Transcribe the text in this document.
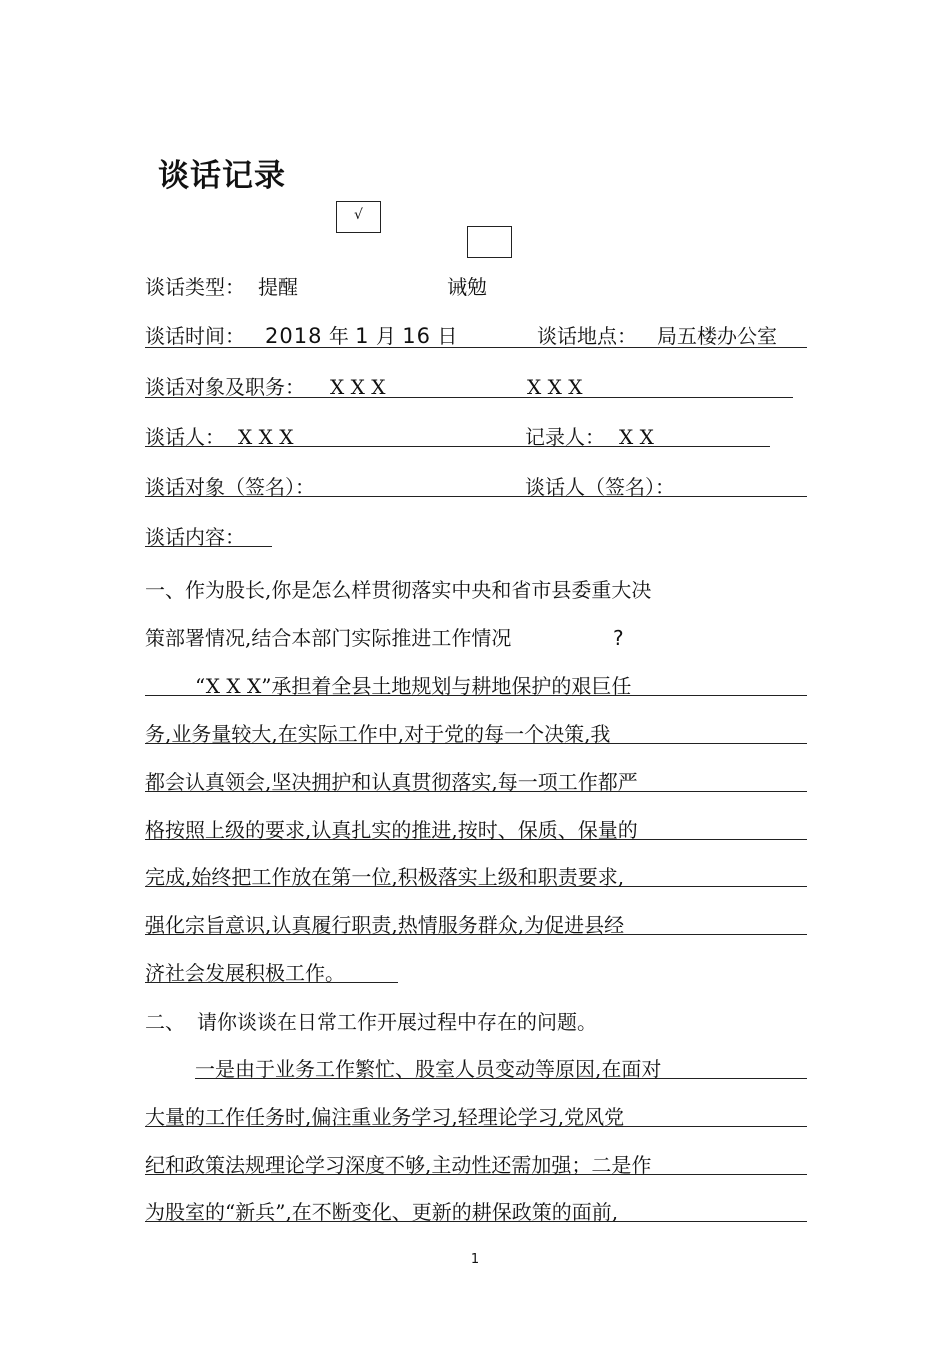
谈话记录
√
谈话类型： 提醒	诫勉
谈话时间： 2018 年 1 月 16 日	谈话地点： 局五楼办公室
谈话对象及职务： X X X	X X X
谈话人： X X X	记录人： X X
谈话对象（签名）：	谈话人（签名）：
谈话内容：
一、作为股长,你是怎么样贯彻落实中央和省市县委重大决
策部署情况,结合本部门实际推进工作情况	?
“X X X”承担着全县土地规划与耕地保护的艰巨任
务,业务量较大,在实际工作中,对于党的每一个决策,我
都会认真领会,坚决拥护和认真贯彻落实,每一项工作都严
格按照上级的要求,认真扎实的推进,按时、保质、保量的
完成,始终把工作放在第一位,积极落实上级和职责要求,
强化宗旨意识,认真履行职责,热情服务群众,为促进县经
济社会发展积极工作。
二、 请你谈谈在日常工作开展过程中存在的问题。
一是由于业务工作繁忙、股室人员变动等原因,在面对
大量的工作任务时,偏注重业务学习,轻理论学习,党风党
纪和政策法规理论学习深度不够,主动性还需加强；二是作
为股室的“新兵”,在不断变化、更新的耕保政策的面前,
1
